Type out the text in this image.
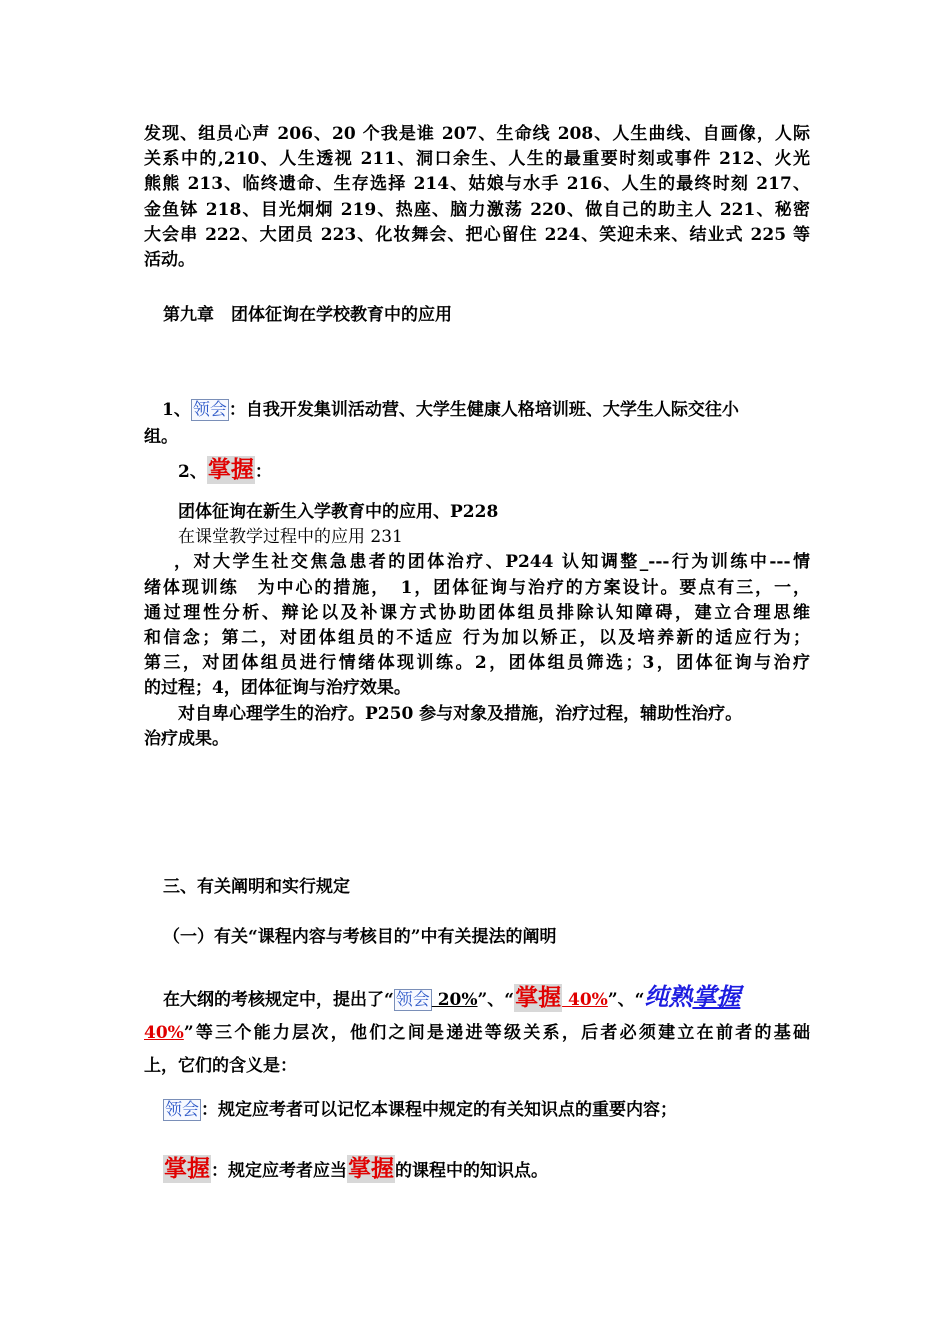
发现、组员心声 206、20 个我是谁 207、生命线 208、人生曲线、自画像，人际
关系中的,210、人生透视 211、洞口余生、人生的最重要时刻或事件 212、火光
熊熊 213、临终遗命、生存选择 214、姑娘与水手 216、人生的最终时刻 217、
金鱼钵 218、目光炯炯 219、热座、脑力激荡 220、做自己的助主人 221、秘密
大会串 222、大团员 223、化妆舞会、把心留住 224、笑迎未来、结业式 225 等
活动。
第九章　团体征询在学校教育中的应用
1、 领会 ：自我开发集训活动营、大学生健康人格培训班、大学生人际交往小
组。
2、掌握：
团体征询在新生入学教育中的应用、P228
在课堂教学过程中的应用 231
，对大学生社交焦急患者的团体治疗、P244 认知调整_---行为训练中---情
绪体现训练　为中心的措施，　1，团体征询与治疗的方案设计。要点有三，一，
通过理性分析、辩论以及补课方式协助团体组员排除认知障碍，建立合理思维
和信念；第二，对团体组员的不适应 行为加以矫正，以及培养新的适应行为；
第三，对团体组员进行情绪体现训练。2，团体组员筛选；3，团体征询与治疗
的过程；4，团体征询与治疗效果。
对自卑心理学生的治疗。P250 参与对象及措施，治疗过程，辅助性治疗。
治疗成果。
三、有关阐明和实行规定
（一）有关“课程内容与考核目的”中有关提法的阐明
在大纲的考核规定中，提出了“ 领会 20%”、“掌握 40%”、“纯熟掌握
40%”等三个能力层次，他们之间是递进等级关系，后者必须建立在前者的基础
上，它们的含义是：
领会 ：规定应考者可以记忆本课程中规定的有关知识点的重要内容；
掌握：规定应考者应当掌握的课程中的知识点。
